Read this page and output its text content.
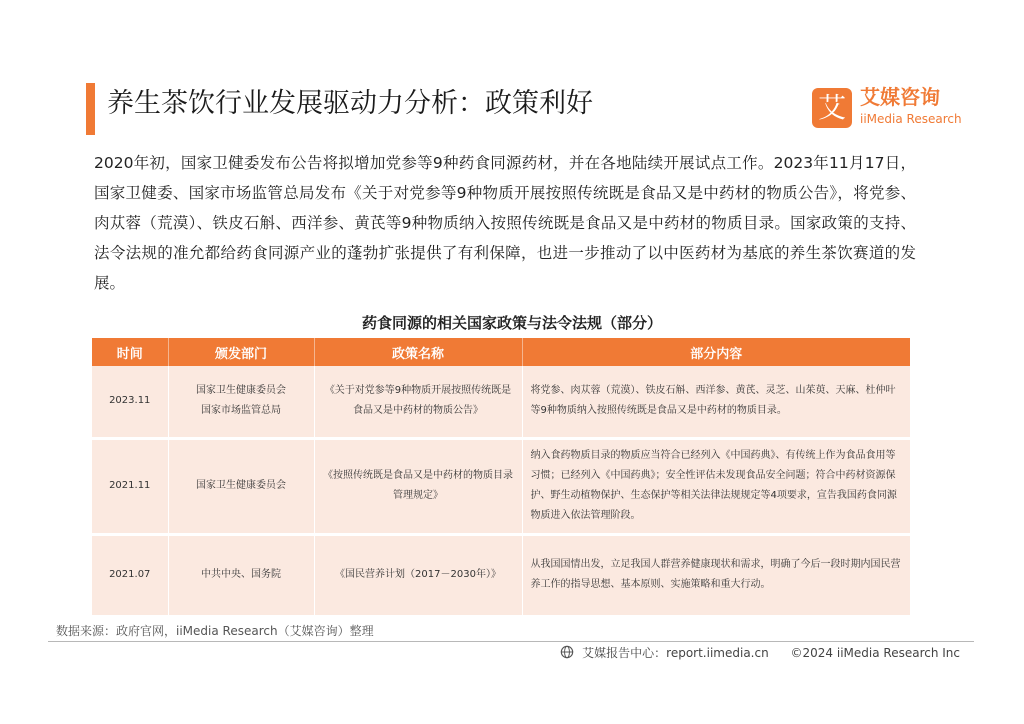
养生茶饮行业发展驱动力分析：政策利好	艾 艾媒咨询
iiMedia Research
2020年初，国家卫健委发布公告将拟增加党参等9种药食同源药材，并在各地陆续开展试点工作。2023年11月17日，国家卫健委、国家市场监管总局发布《关于对党参等9种物质开展按照传统既是食品又是中药材的物质公告》，将党参、肉苁蓉（荒漠）、铁皮石斛、西洋参、黄芪等9种物质纳入按照传统既是食品又是中药材的物质目录。国家政策的支持、法令法规的准允都给药食同源产业的蓬勃扩张提供了有利保障，也进一步推动了以中医药材为基底的养生茶饮赛道的发展。
药食同源的相关国家政策与法令法规（部分）
时间	颁发部门	政策名称	部分内容
2023.11	国家卫生健康委员会
国家市场监管总局	《关于对党参等9种物质开展按照传统既是食品又是中药材的物质公告》	将党参、肉苁蓉（荒漠）、铁皮石斛、西洋参、黄芪、灵芝、山茱萸、天麻、杜仲叶等9种物质纳入按照传统既是食品又是中药材的物质目录。
2021.11	国家卫生健康委员会	《按照传统既是食品又是中药材的物质目录管理规定》	纳入食药物质目录的物质应当符合已经列入《中国药典》、有传统上作为食品食用等习惯；已经列入《中国药典》；安全性评估未发现食品安全问题；符合中药材资源保护、野生动植物保护、生态保护等相关法律法规规定等4项要求，宣告我国药食同源物质进入依法管理阶段。
2021.07	中共中央、国务院	《国民营养计划（2017－2030年）》	从我国国情出发，立足我国人群营养健康现状和需求，明确了今后一段时期内国民营养工作的指导思想、基本原则、实施策略和重大行动。
数据来源：政府官网，iiMedia Research（艾媒咨询）整理
艾媒报告中心：report.iimedia.cn ©2024 iiMedia Research Inc
